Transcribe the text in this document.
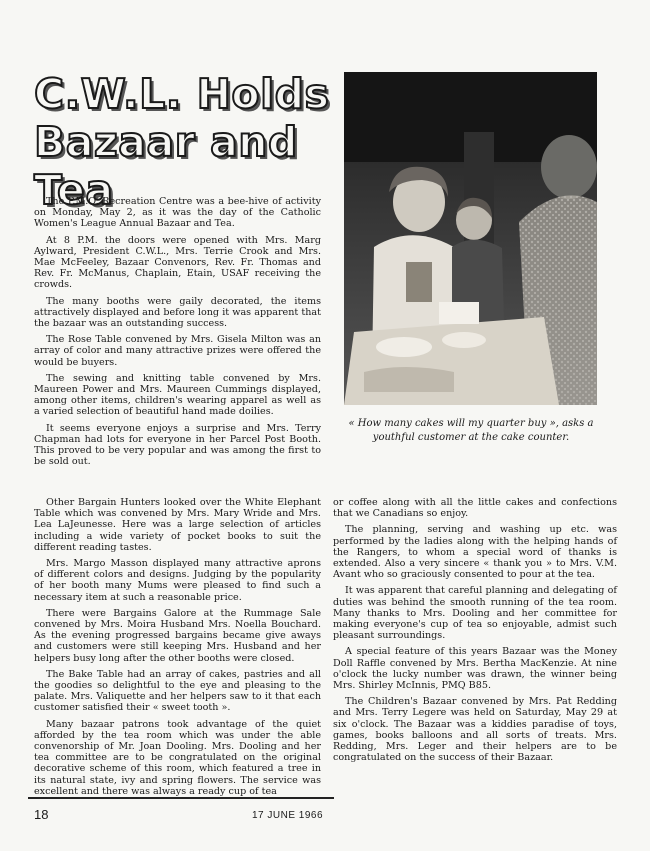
C.W.L. Holds
Bazaar and Tea
« How many cakes will my quarter buy », asks a
youthful customer at the cake counter.

The P.M.Q. Recreation Centre was a bee-hive of activity on Monday, May 2, as it was the day of the Catholic Women's League Annual Bazaar and Tea.

At 8 P.M. the doors were opened with Mrs. Marg Aylward, President C.W.L., Mrs. Terrie Crook and Mrs. Mae McFeeley, Bazaar Convenors, Rev. Fr. Thomas and Rev. Fr. McManus, Chaplain, Etain, USAF receiving the crowds.

The many booths were gaily decorated, the items attractively displayed and before long it was apparent that the bazaar was an outstanding success.

The Rose Table convened by Mrs. Gisela Milton was an array of color and many attractive prizes were offered the would be buyers.

The sewing and knitting table convened by Mrs. Maureen Power and Mrs. Maureen Cummings displayed, among other items, children's wearing apparel as well as a varied selection of beautiful hand made doilies.

It seems everyone enjoys a surprise and Mrs. Terry Chapman had lots for everyone in her Parcel Post Booth. This proved to be very popular and was among the first to be sold out.

Other Bargain Hunters looked over the White Elephant Table which was convened by Mrs. Mary Wride and Mrs. Lea LaJeunesse. Here was a large selection of articles including a wide variety of pocket books to suit the different reading tastes.

Mrs. Margo Masson displayed many attractive aprons of different colors and designs. Judging by the popularity of her booth many Mums were pleased to find such a necessary item at such a reasonable price.

There were Bargains Galore at the Rummage Sale convened by Mrs. Moira Husband Mrs. Noella Bouchard. As the evening progressed bargains became give aways and customers were still keeping Mrs. Husband and her helpers busy long after the other booths were closed.

The Bake Table had an array of cakes, pastries and all the goodies so delightful to the eye and pleasing to the palate. Mrs. Valiquette and her helpers saw to it that each customer satisfied their « sweet tooth ».

Many bazaar patrons took advantage of the quiet afforded by the tea room which was under the able convenorship of Mr. Joan Dooling. Mrs. Dooling and her tea committee are to be congratulated on the original decorative scheme of this room, which featured a tree in its natural state, ivy and spring flowers. The service was excellent and there was always a ready cup of tea

or coffee along with all the little cakes and confections that we Canadians so enjoy.

The planning, serving and washing up etc. was performed by the ladies along with the helping hands of the Rangers, to whom a special word of thanks is extended. Also a very sincere « thank you » to Mrs. V.M. Avant who so graciously consented to pour at the tea.

It was apparent that careful planning and delegating of duties was behind the smooth running of the tea room. Many thanks to Mrs. Dooling and her committee for making everyone's cup of tea so enjoyable, admist such pleasant surroundings.

A special feature of this years Bazaar was the Money Doll Raffle convened by Mrs. Bertha MacKenzie. At nine o'clock the lucky number was drawn, the winner being Mrs. Shirley McInnis, PMQ B85.

The Children's Bazaar convened by Mrs. Pat Redding and Mrs. Terry Legere was held on Saturday, May 29 at six o'clock. The Bazaar was a kiddies paradise of toys, games, books balloons and all sorts of treats. Mrs. Redding, Mrs. Leger and their helpers are to be congratulated on the success of their Bazaar.

18	17 JUNE 1966
